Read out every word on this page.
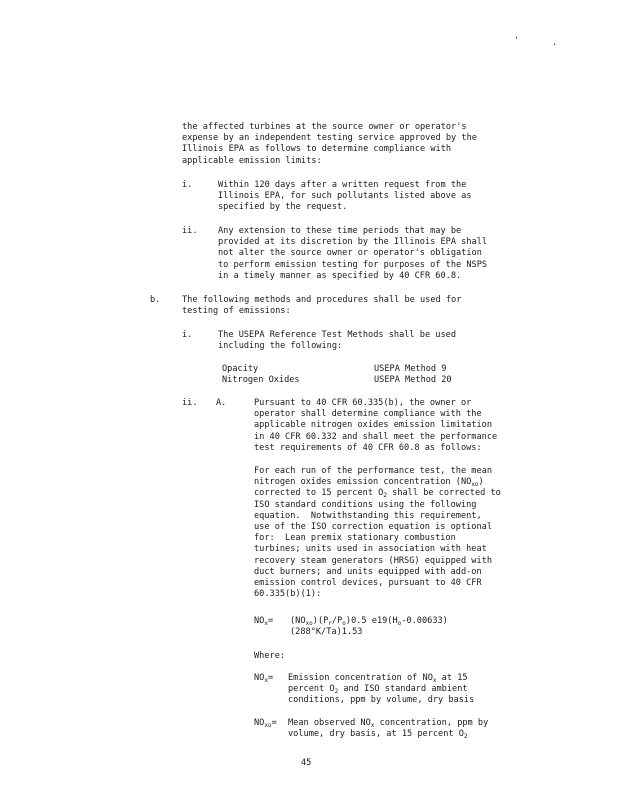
'	.
the affected turbines at the source owner or operator's
expense by an independent testing service approved by the
Illinois EPA as follows to determine compliance with
applicable emission limits:
i.	Within 120 days after a written request from the
Illinois EPA, for such pollutants listed above as
specified by the request.
ii. Any extension to these time periods that may be
provided at its discretion by the Illinois EPA shall
not alter the source owner or operator's obligation
to perform emission testing for purposes of the NSPS
in a timely manner as specified by 40 CFR 60.8.
b.	The following methods and procedures shall be used for
testing of emissions:
i.	The USEPA Reference Test Methods shall be used
including the following:
Opacity	USEPA Method 9
Nitrogen Oxides	USEPA Method 20
ii. A.	Pursuant to 40 CFR 60.335(b), the owner or
operator shall determine compliance with the
applicable nitrogen oxides emission limitation
in 40 CFR 60.332 and shall meet the performance
test requirements of 40 CFR 60.8 as follows:
For each run of the performance test, the mean
nitrogen oxides emission concentration $(NO_{xo})$
corrected to 15 percent $O_2$ shall be corrected to
ISO standard conditions using the following
equation.  Notwithstanding this requirement,
use of the ISO correction equation is optional
for:  Lean premix stationary combustion
turbines; units used in association with heat
recovery steam generators (HRSG) equipped with
duct burners; and units equipped with add-on
emission control devices, pursuant to 40 CFR
60.335(b)(1):
$NO_x= (NO_{xo})(P_r/P_o)0.5$ $e19(H_o-0.00633)$
(288°K/Ta)1.53
Where:
$NO_x=$ Emission concentration of $NO_x$ at 15
percent $O_2$ and ISO standard ambient
conditions, ppm by volume, dry basis
$NO_{xo}=$ Mean observed $NO_x$ concentration, ppm by
volume, dry basis, at 15 percent $O_2$
45
